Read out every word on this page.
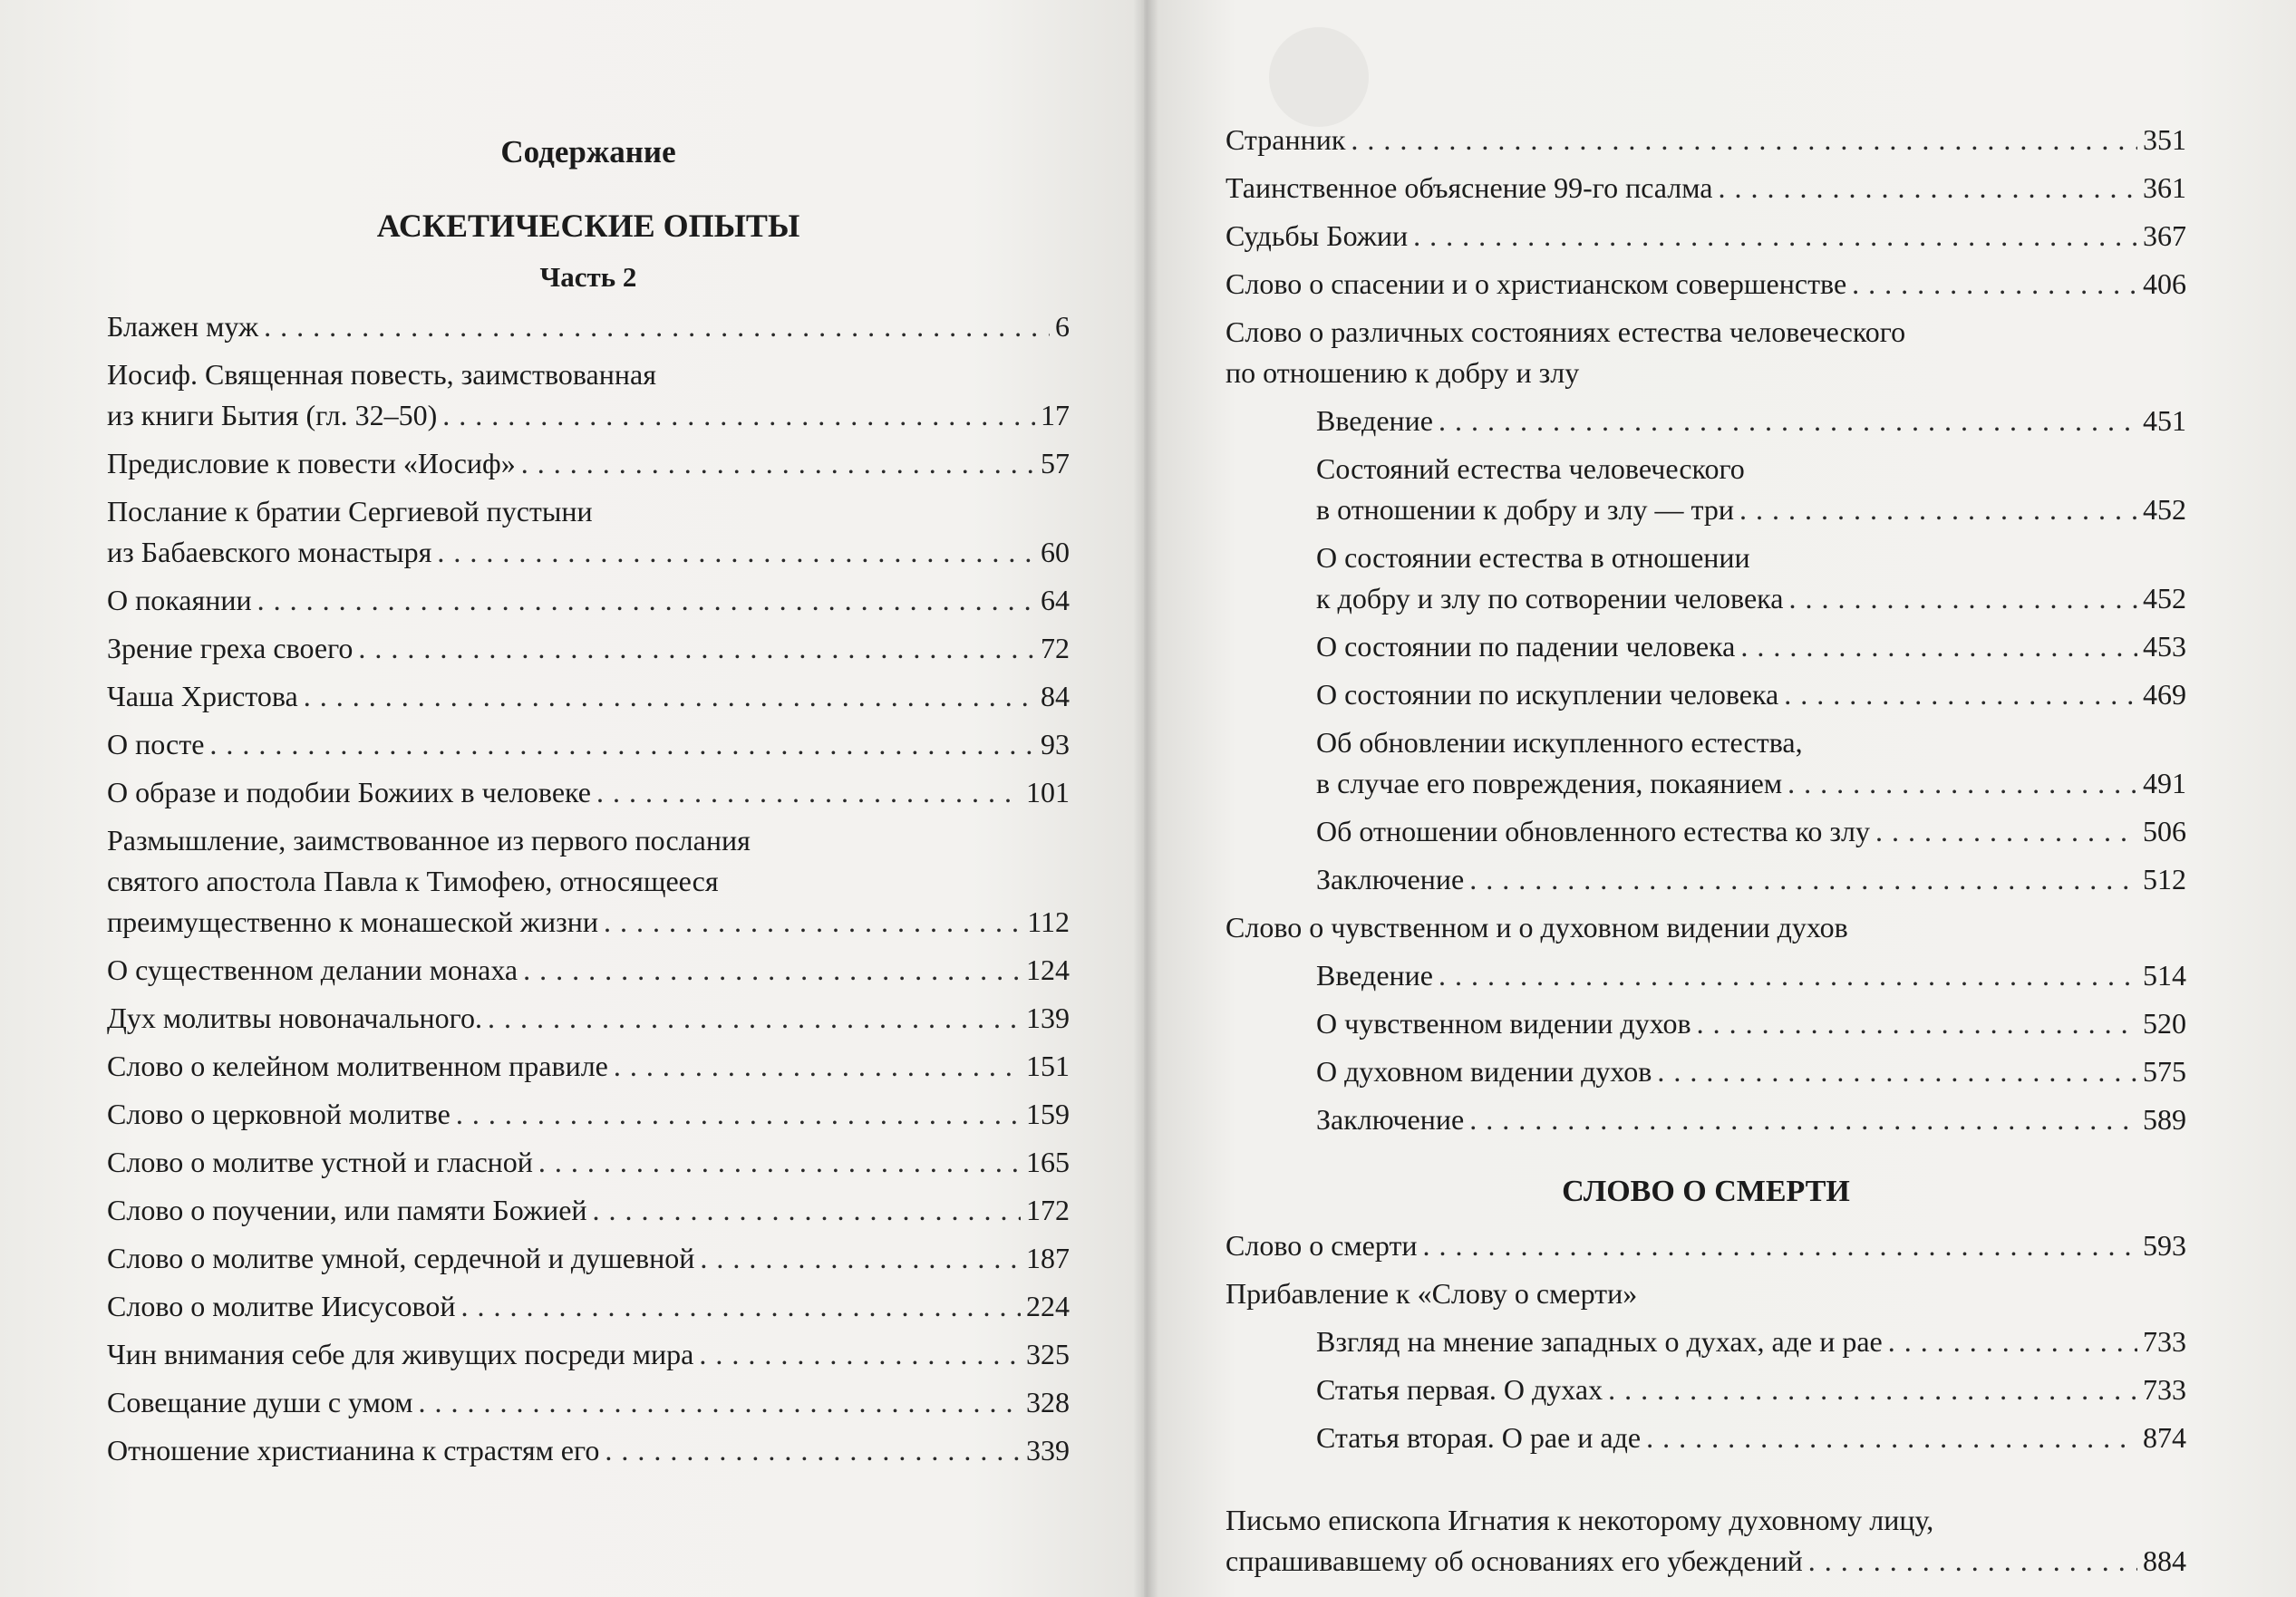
Содержание
АСКЕТИЧЕСКИЕ ОПЫТЫ
Часть 2
Блажен муж . . .	6
Иосиф. Священная повесть, заимствованная
из книги Бытия (гл. 32–50) . . .	17
Предисловие к повести «Иосиф» . . .	57
Послание к братии Сергиевой пустыни
из Бабаевского монастыря . . .	60
О покаянии . . .	64
Зрение греха своего . . .	72
Чаша Христова . . .	84
О посте . . .	93
О образе и подобии Божиих в человеке . . .	101
Размышление, заимствованное из первого послания
святого апостола Павла к Тимофею, относящееся
преимущественно к монашеской жизни . . .	112
О существенном делании монаха . . .	124
Дух молитвы новоначального. . . .	139
Слово о келейном молитвенном правиле . . .	151
Слово о церковной молитве . . .	159
Слово о молитве устной и гласной . . .	165
Слово о поучении, или памяти Божией . . .	172
Слово о молитве умной, сердечной и душевной . . .	187
Слово о молитве Иисусовой . . .	224
Чин внимания себе для живущих посреди мира . . .	325
Совещание души с умом . . .	328
Отношение христианина к страстям его . . .	339
Странник . . .	351
Таинственное объяснение 99-го псалма . . .	361
Судьбы Божии . . .	367
Слово о спасении и о христианском совершенстве . . .	406
Слово о различных состояниях естества человеческого
по отношению к добру и злу
Введение . . .	451
Состояний естества человеческого
в отношении к добру и злу — три . . .	452
О состоянии естества в отношении
к добру и злу по сотворении человека . . .	452
О состоянии по падении человека . . .	453
О состоянии по искуплении человека . . .	469
Об обновлении искупленного естества,
в случае его повреждения, покаянием . . .	491
Об отношении обновленного естества ко злу . . .	506
Заключение . . .	512
Слово о чувственном и о духовном видении духов
Введение . . .	514
О чувственном видении духов . . .	520
О духовном видении духов . . .	575
Заключение . . .	589
СЛОВО О СМЕРТИ
Слово о смерти . . .	593
Прибавление к «Слову о смерти»
Взгляд на мнение западных о духах, аде и рае . . .	733
Статья первая. О духах . . .	733
Статья вторая. О рае и аде . . .	874
Письмо епископа Игнатия к некоторому духовному лицу,
спрашивавшему об основаниях его убеждений . . .	884
